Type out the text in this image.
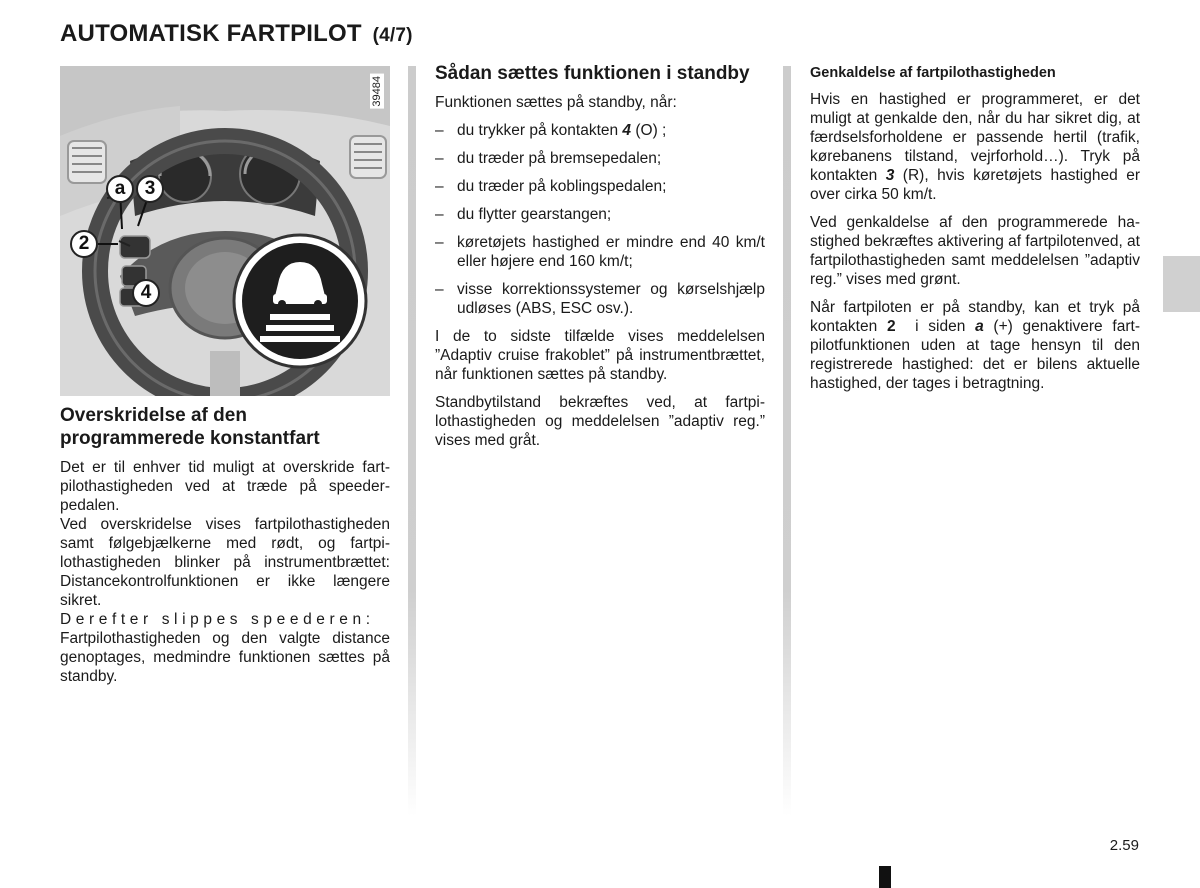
AUTOMATISK FARTPILOT (4/7)
39484
a	3
2
4
Overskridelse af den programmerede konstantfart

Det er til enhver tid muligt at overskride fartpilothastigheden ved at træde på speederpedalen.

Ved overskridelse vises fartpilothastigheden samt følgebjælkerne med rødt, og fartpilothastigheden blinker på instrumentbrættet: Distancekontrolfunktionen er ikke længere sikret.

Derefter slippes speederen:
Fartpilothastigheden og den valgte distance genoptages, medmindre funktionen sættes på standby.

Sådan sættes funktionen i standby

Funktionen sættes på standby, når:

– du trykker på kontakten 4 (O) ;
– du træder på bremsepedalen;
– du træder på koblingspedalen;
– du flytter gearstangen;
– køretøjets hastighed er mindre end 40 km/t eller højere end 160 km/t;
– visse korrektionssystemer og kørselshjælp udløses (ABS, ESC osv.).

I de to sidste tilfælde vises meddelelsen ”Adaptiv cruise frakoblet” på instrumentbrættet, når funktionen sættes på standby.

Standbytilstand bekræftes ved, at fartpilothastigheden og meddelelsen ”adaptiv reg.” vises med gråt.

Genkaldelse af fartpilothastigheden

Hvis en hastighed er programmeret, er det muligt at genkalde den, når du har sikret dig, at færdselsforholdene er passende hertil (trafik, kørebanens tilstand, vejrforhold…). Tryk på kontakten 3 (R), hvis køretøjets hastighed er over cirka 50 km/t.

Ved genkaldelse af den programmerede hastighed bekræftes aktivering af fartpilotenved, at fartpilothastigheden samt meddelelsen ”adaptiv reg.” vises med grønt.

Når fartpiloten er på standby, kan et tryk på kontakten 2  i siden a (+) genaktivere fartpilotfunktionen uden at tage hensyn til den registrerede hastighed: det er bilens aktuelle hastighed, der tages i betragtning.

2.59
